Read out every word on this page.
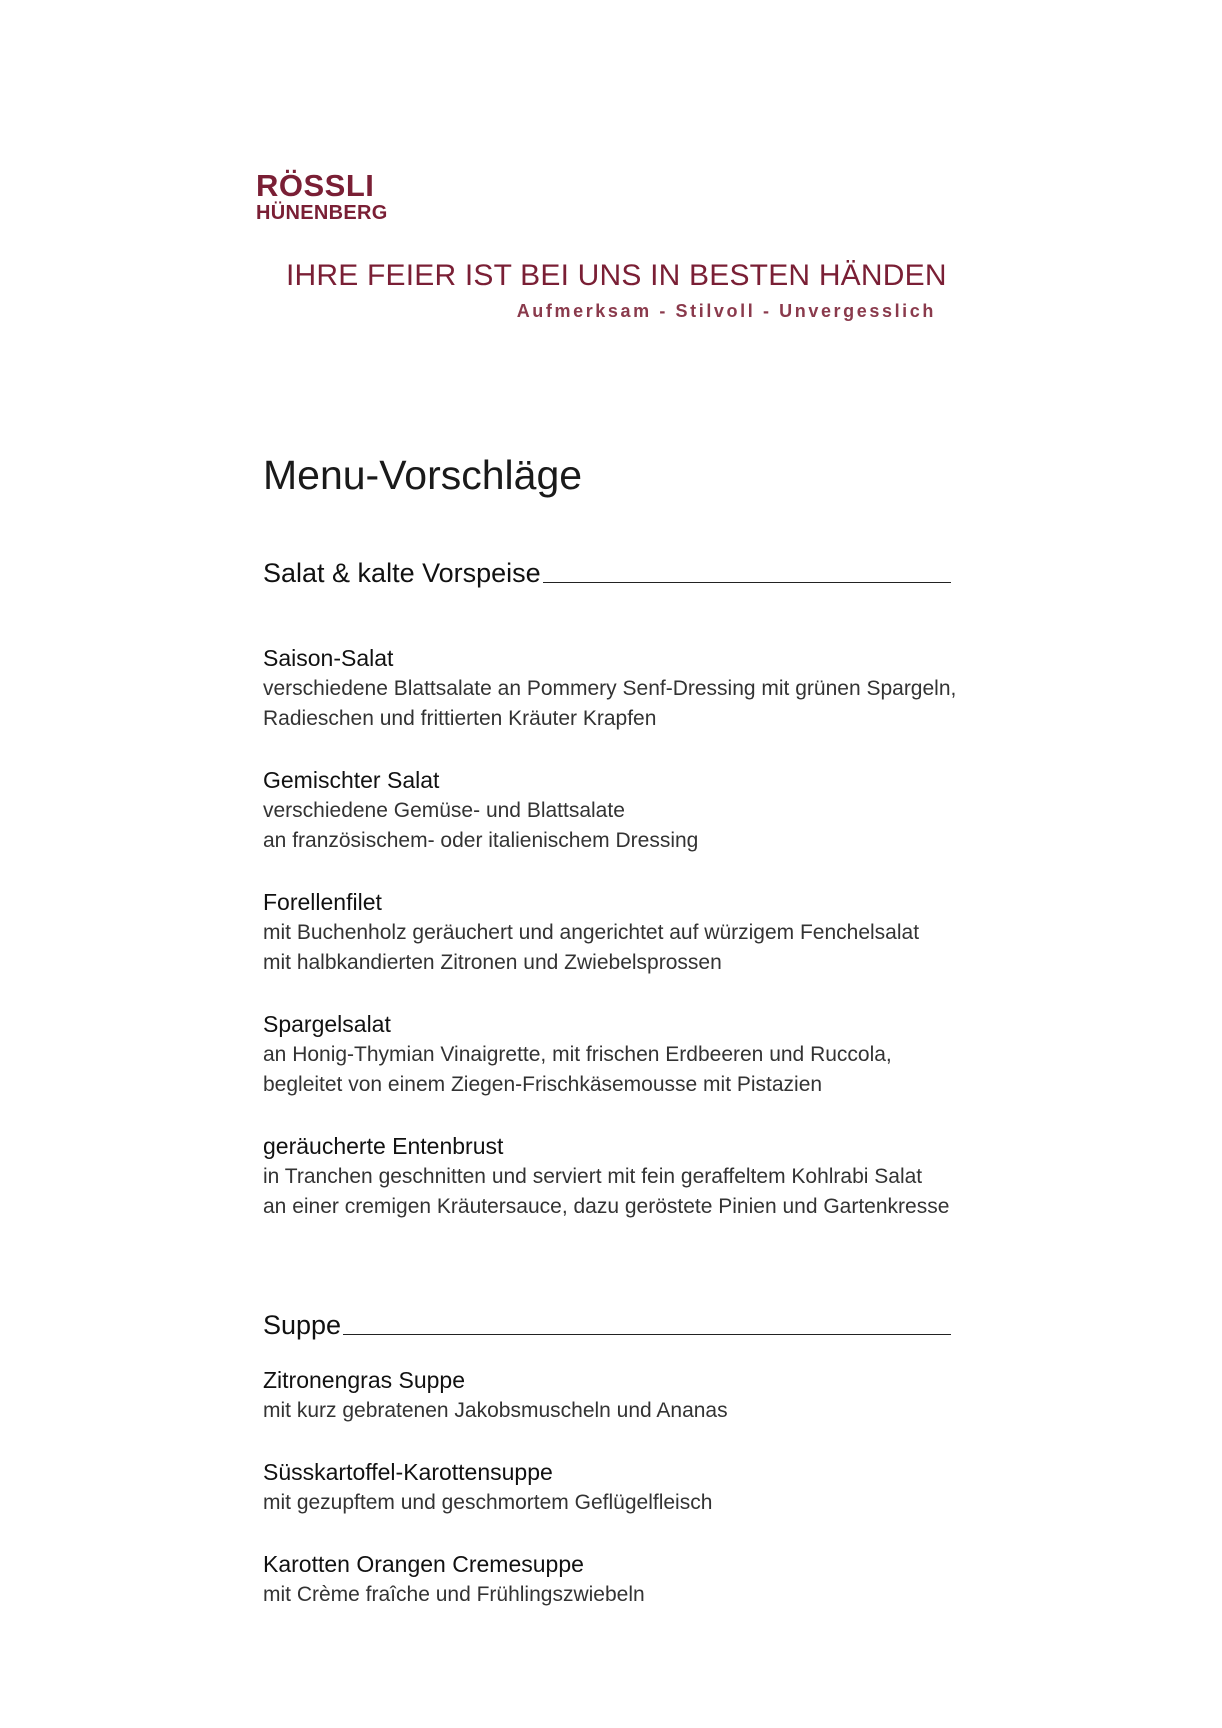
RÖSSLI
HÜNENBERG
IHRE FEIER IST BEI UNS IN BESTEN HÄNDEN
Aufmerksam - Stilvoll - Unvergesslich
Menu-Vorschläge
Salat & kalte Vorspeise
Saison-Salat
verschiedene Blattsalate an Pommery Senf-Dressing mit grünen Spargeln,
Radieschen und frittierten Kräuter Krapfen
Gemischter Salat
verschiedene Gemüse- und Blattsalate
an französischem- oder italienischem Dressing
Forellenfilet
mit Buchenholz geräuchert und angerichtet auf würzigem Fenchelsalat
mit halbkandierten Zitronen und Zwiebelsprossen
Spargelsalat
an Honig-Thymian Vinaigrette, mit frischen Erdbeeren und Ruccola,
begleitet von einem Ziegen-Frischkäsemousse mit Pistazien
geräucherte Entenbrust
in Tranchen geschnitten und serviert mit fein geraffeltem Kohlrabi Salat
an einer cremigen Kräutersauce, dazu geröstete Pinien und Gartenkresse
Suppe
Zitronengras Suppe
mit kurz gebratenen Jakobsmuscheln und Ananas
Süsskartoffel-Karottensuppe
mit gezupftem und geschmortem Geflügelfleisch
Karotten Orangen Cremesuppe
mit Crème fraîche und Frühlingszwiebeln
